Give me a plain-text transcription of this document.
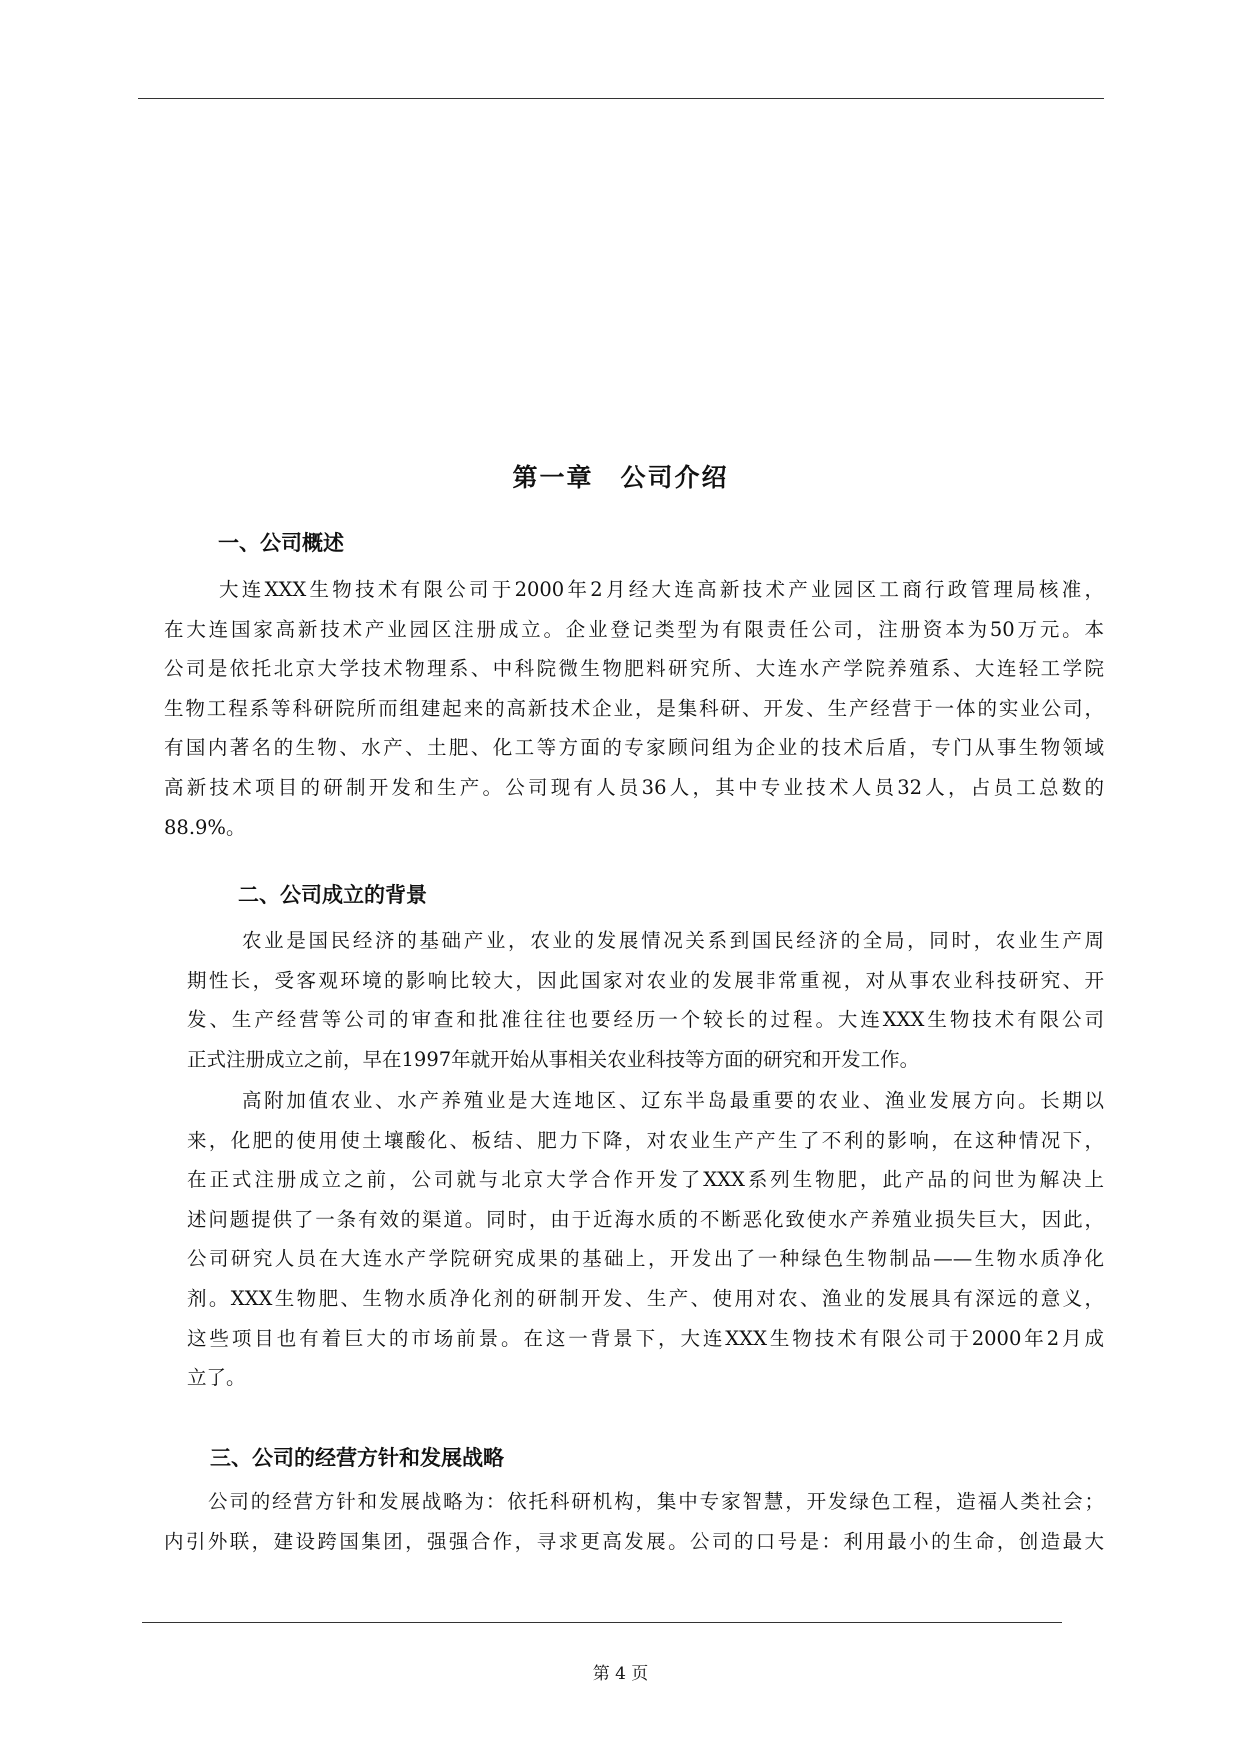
第一章　公司介绍
一、公司概述
大连XXX生物技术有限公司于2000年2月经大连高新技术产业园区工商行政管理局核准，
在大连国家高新技术产业园区注册成立。企业登记类型为有限责任公司，注册资本为50万元。本
公司是依托北京大学技术物理系、中科院微生物肥料研究所、大连水产学院养殖系、大连轻工学院
生物工程系等科研院所而组建起来的高新技术企业，是集科研、开发、生产经营于一体的实业公司，
有国内著名的生物、水产、土肥、化工等方面的专家顾问组为企业的技术后盾，专门从事生物领域
高新技术项目的研制开发和生产。公司现有人员36人，其中专业技术人员32人，占员工总数的
88.9%。
二、公司成立的背景
农业是国民经济的基础产业，农业的发展情况关系到国民经济的全局，同时，农业生产周
期性长，受客观环境的影响比较大，因此国家对农业的发展非常重视，对从事农业科技研究、开
发、生产经营等公司的审查和批准往往也要经历一个较长的过程。大连XXX生物技术有限公司
正式注册成立之前，早在1997年就开始从事相关农业科技等方面的研究和开发工作。
高附加值农业、水产养殖业是大连地区、辽东半岛最重要的农业、渔业发展方向。长期以
来，化肥的使用使土壤酸化、板结、肥力下降，对农业生产产生了不利的影响，在这种情况下，
在正式注册成立之前，公司就与北京大学合作开发了XXX系列生物肥，此产品的问世为解决上
述问题提供了一条有效的渠道。同时，由于近海水质的不断恶化致使水产养殖业损失巨大，因此，
公司研究人员在大连水产学院研究成果的基础上，开发出了一种绿色生物制品——生物水质净化
剂。XXX生物肥、生物水质净化剂的研制开发、生产、使用对农、渔业的发展具有深远的意义，
这些项目也有着巨大的市场前景。在这一背景下，大连XXX生物技术有限公司于2000年2月成
立了。
三、公司的经营方针和发展战略
公司的经营方针和发展战略为：依托科研机构，集中专家智慧，开发绿色工程，造福人类社会；
内引外联，建设跨国集团，强强合作，寻求更高发展。公司的口号是：利用最小的生命，创造最大
第 4 页
